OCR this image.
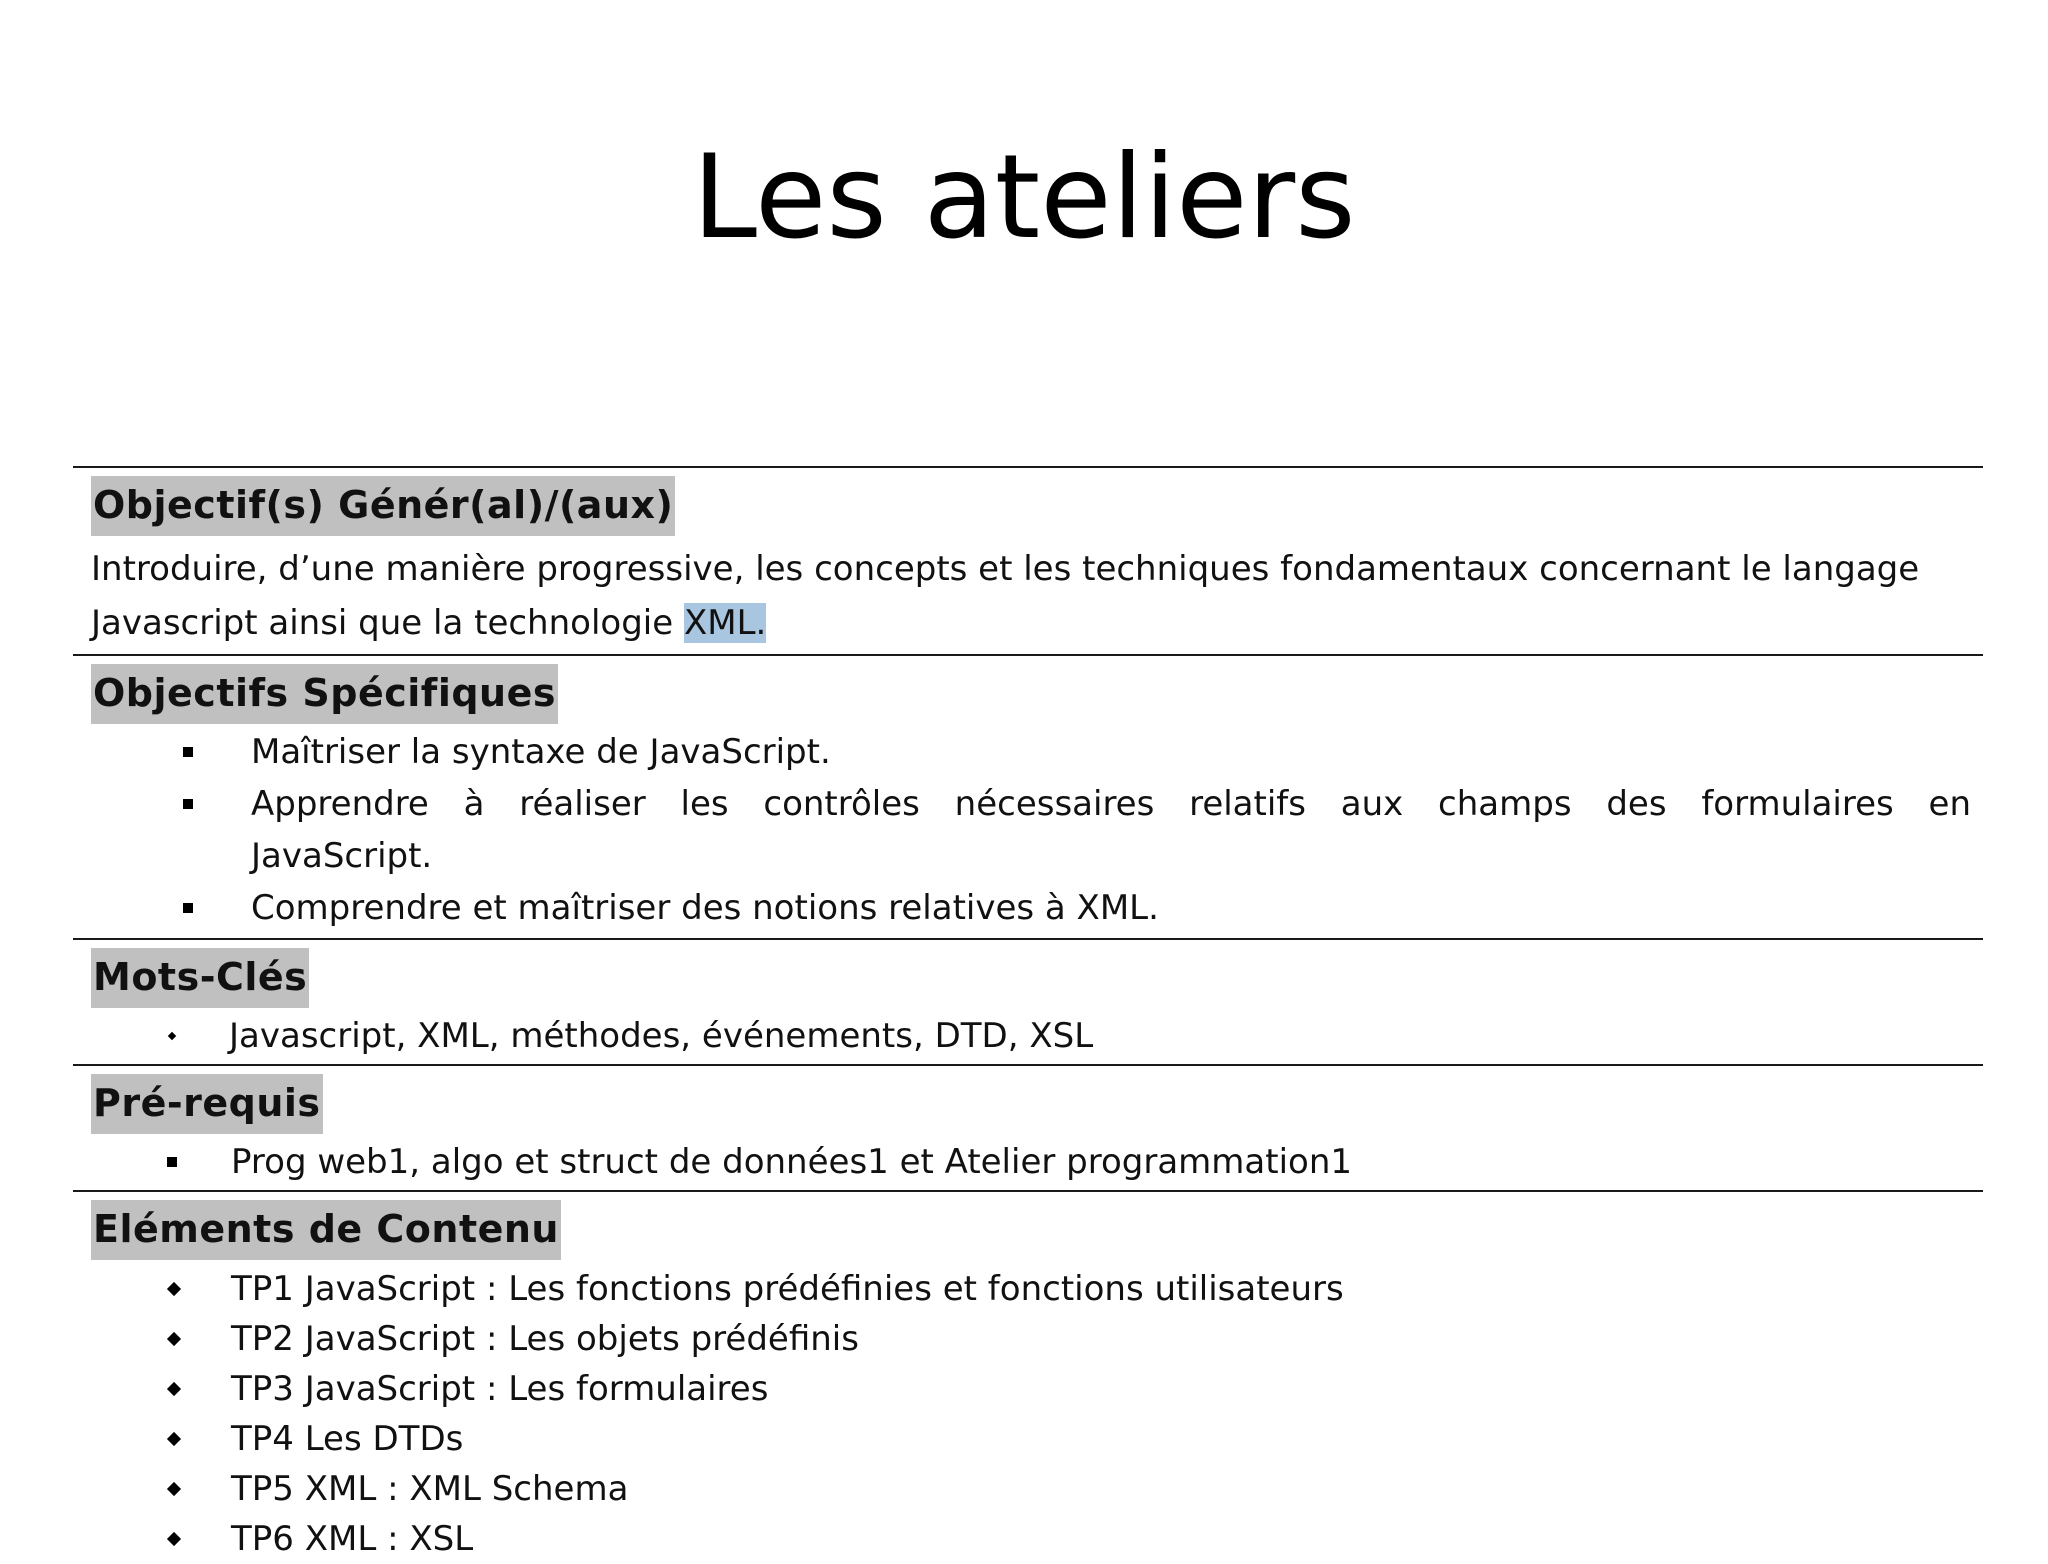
Les ateliers
Objectif(s) Génér(al)/(aux)

Introduire, d’une manière progressive, les concepts et les techniques fondamentaux concernant le langage
Javascript ainsi que la technologie XML.

Objectifs Spécifiques
Maîtriser la syntaxe de JavaScript.
Apprendre à réaliser les contrôles nécessaires relatifs aux champs des formulaires en
JavaScript.
Comprendre et maîtriser des notions relatives à XML.
Mots-Clés
Javascript, XML, méthodes, événements, DTD, XSL
Pré-requis
Prog web1, algo et struct de données1 et Atelier programmation1
Eléments de Contenu
TP1 JavaScript : Les fonctions prédéfinies et fonctions utilisateurs
TP2 JavaScript : Les objets prédéfinis
TP3 JavaScript : Les formulaires
TP4 Les DTDs
TP5 XML : XML Schema
TP6 XML : XSL
